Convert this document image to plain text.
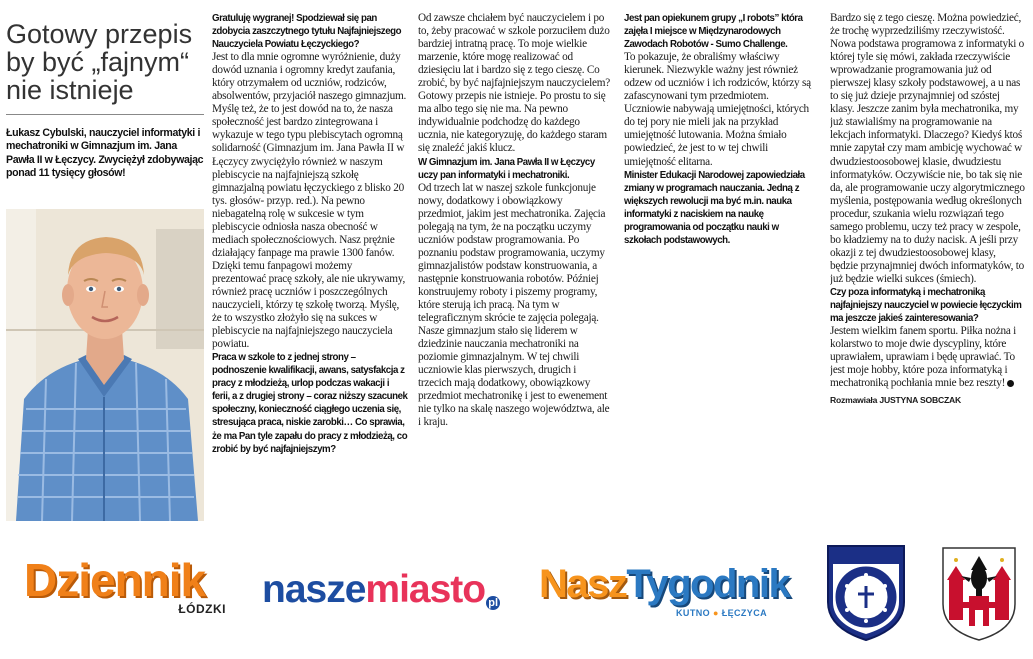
Gotowy przepis by być „fajnym“ nie istnieje

Łukasz Cybulski, nauczyciel informatyki i mechatroniki w Gimnazjum im. Jana Pawła II w Łęczycy. Zwyciężył zdobywając ponad 11 tysięcy głosów!

Gratuluję wygranej! Spodziewał się pan zdobycia zaszczytnego tytułu Najfajniejszego Nauczyciela Powiatu Łęczyckiego?

Jest to dla mnie ogromne wyróżnienie, duży dowód uznania i ogromny kredyt zaufania, który otrzymałem od uczniów, rodziców, absolwentów, przyjaciół naszego gimnazjum. Myślę też, że to jest dowód na to, że nasza społeczność jest bardzo zintegrowana i wykazuje w tego typu plebiscytach ogromną solidarność (Gimnazjum im. Jana Pawła II w Łęczycy zwyciężyło również w naszym plebiscycie na najfajniejszą szkołę gimnazjalną powiatu łęczyckiego z blisko 20 tys. głosów- przyp. red.). Na pewno niebagatelną rolę w sukcesie w tym plebiscycie odniosła nasza obecność w mediach społecznościowych. Nasz prężnie działający fanpage ma prawie 1300 fanów. Dzięki temu fanpagowi możemy prezentować pracę szkoły, ale nie ukrywamy, również pracę uczniów i poszczególnych nauczycieli, którzy tę szkołę tworzą. Myślę, że to wszystko złożyło się na sukces w plebiscycie na najfajniejszego nauczyciela powiatu.

Praca w szkole to z jednej strony – podnoszenie kwalifikacji, awans, satysfakcja z pracy z młodzieżą, urlop podczas wakacji i ferii, a z drugiej strony – coraz niższy szacunek społeczny, konieczność ciągłego uczenia się, stresująca praca, niskie zarobki… Co sprawia, że ma Pan tyle zapału do pracy z młodzieżą, co zrobić by być najfajniejszym?

Od zawsze chciałem być nauczycielem i po to, żeby pracować w szkole porzuciłem dużo bardziej intratną pracę. To moje wielkie marzenie, które mogę realizować od dziesięciu lat i bardzo się z tego cieszę. Co zrobić, by być najfajniejszym nauczycielem? Gotowy przepis nie istnieje. Po prostu to się ma albo tego się nie ma. Na pewno indywidualnie podchodzę do każdego ucznia, nie kategoryzuję, do każdego staram się znaleźć jakiś klucz.

W Gimnazjum im. Jana Pawła II w Łęczycy uczy pan informatyki i mechatroniki.

Od trzech lat w naszej szkole funkcjonuje nowy, dodatkowy i obowiązkowy przedmiot, jakim jest mechatronika. Zajęcia polegają na tym, że na początku uczymy uczniów podstaw programowania. Po poznaniu podstaw programowania, uczymy gimnazjalistów podstaw konstruowania, a następnie konstruowania robotów. Później konstruujemy roboty i piszemy programy, które sterują ich pracą. Na tym w telegraficznym skrócie te zajęcia polegają. Nasze gimnazjum stało się liderem w dziedzinie nauczania mechatroniki na poziomie gimnazjalnym. W tej chwili uczniowie klas pierwszych, drugich i trzecich mają dodatkowy, obowiązkowy przedmiot mechatronikę i jest to ewenement nie tylko na skalę naszego województwa, ale i kraju.

Jest pan opiekunem grupy „I robots” która zajęła I miejsce w Międzynarodowych Zawodach Robotów - Sumo Challenge.

To pokazuje, że obraliśmy właściwy kierunek. Niezwykle ważny jest również odzew od uczniów i ich rodziców, którzy są zafascynowani tym przedmiotem. Uczniowie nabywają umiejętności, których do tej pory nie mieli jak na przykład umiejętność lutowania. Można śmiało powiedzieć, że jest to w tej chwili umiejętność elitarna.

Minister Edukacji Narodowej zapowiedziała zmiany w programach nauczania. Jedną z większych rewolucji ma być m.in. nauka informatyki z naciskiem na naukę programowania od początku nauki w szkołach podstawowych.

Bardzo się z tego cieszę. Można powiedzieć, że trochę wyprzedziliśmy rzeczywistość. Nowa podstawa programowa z informatyki o której tyle się mówi, zakłada rzeczywiście wprowadzanie programowania już od pierwszej klasy szkoły podstawowej, a u nas to się już dzieje przynajmniej od szóstej klasy. Jeszcze zanim była mechatronika, my już stawialiśmy na programowanie na lekcjach informatyki. Dlaczego? Kiedyś ktoś mnie zapytał czy mam ambicję wychować w dwudziestoosobowej klasie, dwudziestu informatyków. Oczywiście nie, bo tak się nie da, ale programowanie uczy algorytmicznego myślenia, postępowania według określonych procedur, szukania wielu rozwiązań tego samego problemu, uczy też pracy w zespole, bo kładziemy na to duży nacisk. A jeśli przy okazji z tej dwudziestoosobowej klasy, będzie przynajmniej dwóch informatyków, to już będzie wielki sukces (śmiech).

Czy poza informatyką i mechatroniką najfajniejszy nauczyciel w powiecie łęczyckim ma jeszcze jakieś zainteresowania?

Jestem wielkim fanem sportu. Piłka nożna i kolarstwo to moje dwie dyscypliny, które uprawiałem, uprawiam i będę uprawiać. To jest moje hobby, które poza informatyką i mechatroniką pochłania mnie bez reszty!

Rozmawiała JUSTYNA SOBCZAK

Dziennik
ŁÓDZKI naszemiasto pl NaszTygodnik
KUTNO ● ŁĘCZYCA
